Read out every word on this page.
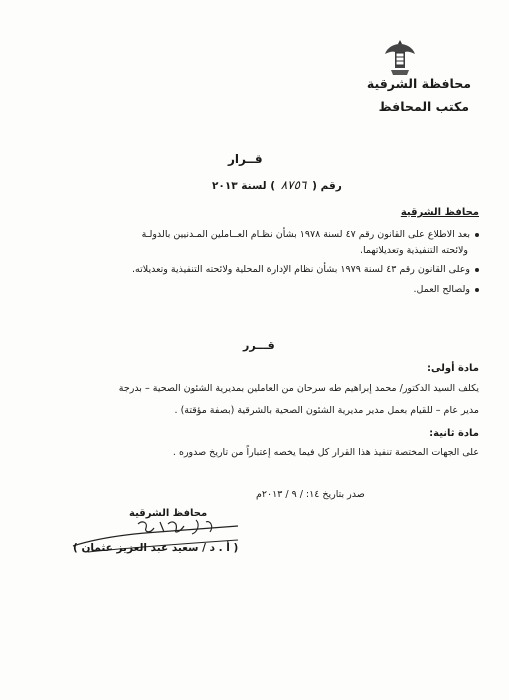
محافظة الشرقية
مكتب المحافظ
قــرار
رقم ( ٨٧٥٦ ) لسنة ٢٠١٣
محافظ الشرقية
بعد الاطلاع على القانون رقم ٤٧ لسنة ١٩٧٨ بشأن نظـام العــاملين المـدنيين بالدولـة
ولائحته التنفيذية وتعديلاتهما.
وعلى القانون رقم ٤٣ لسنة ١٩٧٩ بشأن نظام الإدارة المحلية ولائحته التنفيذية وتعديلاته.
ولصالح العمل.
قـــرر
مادة أولى:
يكلف السيد الدكتور/ محمد إبراهيم طه سرحان من العاملين بمديرية الشئون الصحية – بدرجة
مدير عام – للقيام بعمل مدير مديرية الشئون الصحية بالشرقية (بصفة مؤقتة) .
مادة ثانية:
على الجهات المختصة تنفيذ هذا القرار كل فيما يخصه إعتباراً من تاريخ صدوره .
صدر بتاريخ ١٤: / ٩ / ٢٠١٣م
محافظ الشرقية
( أ . د / سعيد عبد العزيز عثمان )
